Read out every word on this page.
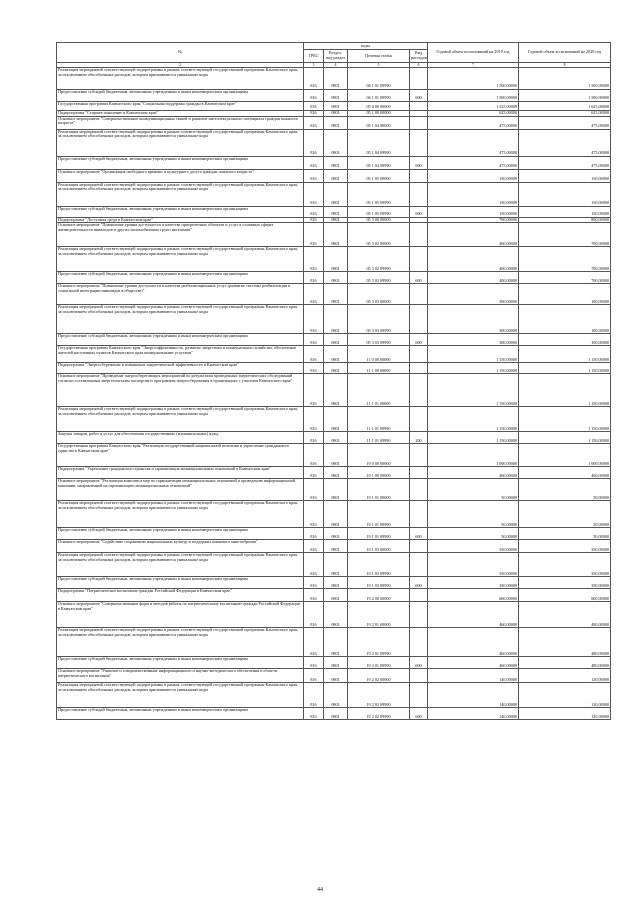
№	коды				Годовой объем ассигнований на 2019 год	Годовой объем ассигнований на 2020 год
	ГРБС	Раздел, под-раздел	Целевая статья	Вид расходов		
2	3	4	5	6	7	8
Реализация мероприятий соответствующей подпрограммы в рамках соответствующей государственной программы Камчатского края, за исключением обособленных расходов, которым присваиваются уникальные коды	816	0801	04 1 01 09990		1 500,00000	1 500,00000
Предоставление субсидий бюджетным, автономным учреждениям и иным некоммерческим организациям	816	0801	04 1 01 09990	600	1 500,00000	1 500,00000
Государственная программа Камчатского края "Социальная поддержка граждан в Камчатском крае"	816	0801	05 0 00 00000		1 225,00000	1 625,00000
Подпрограмма "Старшее поколение в Камчатском крае"	816	0801	05 1 00 00000		625,00000	625,00000
Основное мероприятие "Совершенствование коммуникационных связей и развитие интеллектуального потенциала граждан пожилого возраста"	816	0801	05 1 04 00000		475,00000	475,00000
Реализация мероприятий соответствующей подпрограммы в рамках соответствующей государственной программы Камчатского края, за исключением обособленных расходов, которым присваиваются уникальные коды	816	0801	05 1 04 09990		475,00000	475,00000
Предоставление субсидий бюджетным, автономным учреждениям и иным некоммерческим организациям	816	0801	05 1 04 09990	600	475,00000	475,00000
Основное мероприятие "Организация свободного времени и культурного досуга граждан пожилого возраста"	816	0801	05 1 05 00000		150,00000	150,00000
Реализация мероприятий соответствующей подпрограммы в рамках соответствующей государственной программы Камчатского края, за исключением обособленных расходов, которым присваиваются уникальные коды	816	0801	05 1 05 09990		150,00000	150,00000
Предоставление субсидий бюджетным, автономным учреждениям и иным некоммерческим организациям	816	0801	05 1 05 09990	600	150,00000	150,00000
Подпрограмма "Доступная среда в Камчатском крае"	816	0801	05 3 00 00000		700,00000	800,00000
Основное мероприятие "Повышение уровня доступности и качества приоритетных объектов и услуг в основных сферах жизнедеятельности инвалидов и других маломобильных групп населения"	816	0801	05 3 02 00000		400,00000	700,00000
Реализация мероприятий соответствующей подпрограммы в рамках соответствующей государственной программы Камчатского края, за исключением обособленных расходов, которым присваиваются уникальные коды	816	0801	05 3 02 09990		400,00000	700,00000
Предоставление субсидий бюджетным, автономным учреждениям и иным некоммерческим организациям	816	0801	05 3 02 09990	600	400,00000	700,00000
Основное мероприятие "Повышение уровня доступности и качества реабилитационных услуг (развитие системы реабилитации и социальной интеграции инвалидов в обществе)"	816	0801	05 3 03 00000		300,00000	100,00000
Реализация мероприятий соответствующей подпрограммы в рамках соответствующей государственной программы Камчатского края, за исключением обособленных расходов, которым присваиваются уникальные коды	816	0801	05 3 03 09990		300,00000	100,00000
Предоставление субсидий бюджетным, автономным учреждениям и иным некоммерческим организациям	816	0801	05 3 03 09990	600	300,00000	100,00000
Государственная программа Камчатского края "Энергоэффективность, развитие энергетики и коммунального хозяйства, обеспечение жителей населенных пунктов Камчатского края коммунальными услугами"	816	0801	11 0 00 00000		1 150,00000	1 150,00000
Подпрограмма "Энергосбережение и повышение энергетической эффективности в Камчатском крае"	816	0801	11 1 00 00000		1 150,00000	1 150,00000
Основное мероприятие "Проведение энергосберегающих мероприятий по результатам проведенных энергетических обследований согласно составленным энергетическим паспортам и программам энергосбережения в организациях с участием Камчатского края"	816	0801	11 1 01 00000		1 150,00000	1 150,00000
Реализация мероприятий соответствующей подпрограммы в рамках соответствующей государственной программы Камчатского края, за исключением обособленных расходов, которым присваиваются уникальные коды	816	0801	11 1 01 09990		1 150,00000	1 150,00000
Закупка товаров, работ и услуг для обеспечения государственных (муниципальных) нужд	816	0801	11 1 01 09990	200	1 150,00000	1 150,00000
Государственная программа Камчатского края "Реализация государственной национальной политики и укрепление гражданского единства в Камчатском крае"	816	0801	19 0 00 00000		1 000,00000	1 000,00000
Подпрограмма "Укрепление гражданского единства и гармонизация межнациональных отношений в Камчатском крае"	816	0801	19 1 00 00000		400,00000	400,00000
Основное мероприятие "Реализация комплекса мер по гармонизации межнациональных отношений и проведению информационной кампании, направленной на гармонизацию межнациональных отношений"	816	0801	19 1 01 00000		50,00000	50,00000
Реализация мероприятий соответствующей подпрограммы в рамках соответствующей государственной программы Камчатского края, за исключением обособленных расходов, которым присваиваются уникальные коды	816	0801	19 1 01 09990		50,00000	50,00000
Предоставление субсидий бюджетным, автономным учреждениям и иным некоммерческим организациям	816	0801	19 1 01 09990	600	50,00000	50,00000
Основное мероприятие "Содействие сохранению национальных культур и поддержка языкового многообразия"	816	0801	19 1 03 00000		350,00000	350,00000
Реализация мероприятий соответствующей подпрограммы в рамках соответствующей государственной программы Камчатского края, за исключением обособленных расходов, которым присваиваются уникальные коды	816	0801	19 1 03 09990		350,00000	350,00000
Предоставление субсидий бюджетным, автономным учреждениям и иным некоммерческим организациям	816	0801	19 1 03 09990	600	350,00000	350,00000
Подпрограмма "Патриотическое воспитание граждан Российской Федерации в Камчатском крае"	816	0801	19 2 00 00000		600,00000	600,00000
Основное мероприятие "Совершенствование форм и методов работы по патриотическому воспитанию граждан Российской Федерации в Камчатском крае"	816	0801	19 2 01 00000		460,00000	480,00000
Реализация мероприятий соответствующей подпрограммы в рамках соответствующей государственной программы Камчатского края, за исключением обособленных расходов, которым присваиваются уникальные коды	816	0801	19 2 01 09990		460,00000	480,00000
Предоставление субсидий бюджетным, автономным учреждениям и иным некоммерческим организациям	816	0801	19 2 01 09990	600	460,00000	480,00000
Основное мероприятие "Развитие и совершенствование информационного и научно-методического обеспечения в области патриотического воспитания"	816	0801	19 2 02 00000		140,00000	120,00000
Реализация мероприятий соответствующей подпрограммы в рамках соответствующей государственной программы Камчатского края, за исключением обособленных расходов, которым присваиваются уникальные коды	816	0801	19 2 02 09990		140,00000	120,00000
Предоставление субсидий бюджетным, автономным учреждениям и иным некоммерческим организациям	816	0801	19 2 02 09990	600	140,00000	120,00000
44
